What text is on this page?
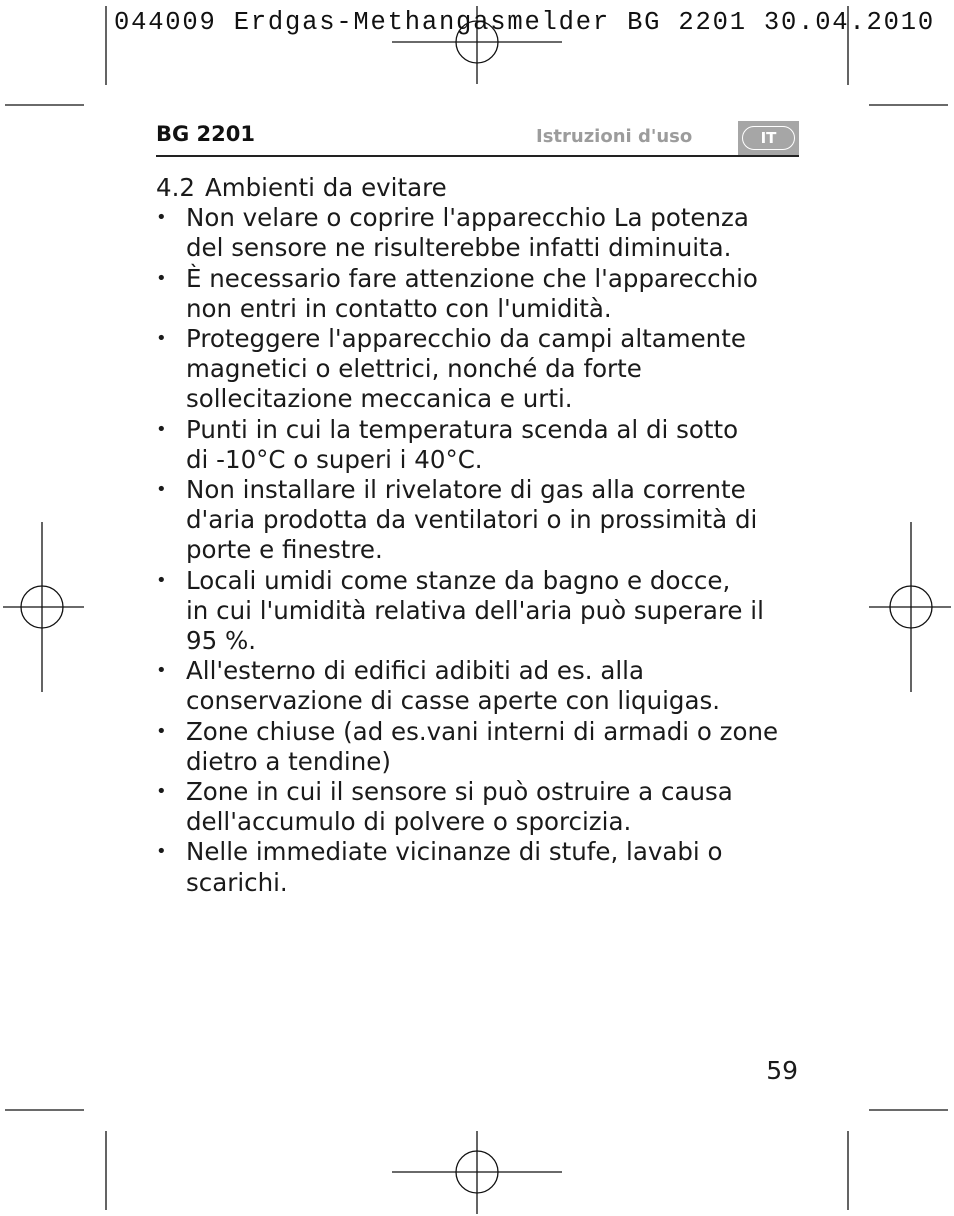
044009 Erdgas-Methangasmelder BG 2201 30.04.2010

BG 2201	Istruzioni d'uso	IT
4.2 Ambienti da evitare
• Non velare o coprire l'apparecchio La potenza
del sensore ne risulterebbe infatti diminuita.
• È necessario fare attenzione che l'apparecchio
non entri in contatto con l'umidità.
• Proteggere l'apparecchio da campi altamente
magnetici o elettrici, nonché da forte
sollecitazione meccanica e urti.
• Punti in cui la temperatura scenda al di sotto
di -10°C o superi i 40°C.
• Non installare il rivelatore di gas alla corrente
d'aria prodotta da ventilatori o in prossimità di
porte e finestre.
• Locali umidi come stanze da bagno e docce,
in cui l'umidità relativa dell'aria può superare il
95 %.
• All'esterno di edifici adibiti ad es. alla
conservazione di casse aperte con liquigas.
• Zone chiuse (ad es.vani interni di armadi o zone
dietro a tendine)
• Zone in cui il sensore si può ostruire a causa
dell'accumulo di polvere o sporcizia.
• Nelle immediate vicinanze di stufe, lavabi o
scarichi.
59
